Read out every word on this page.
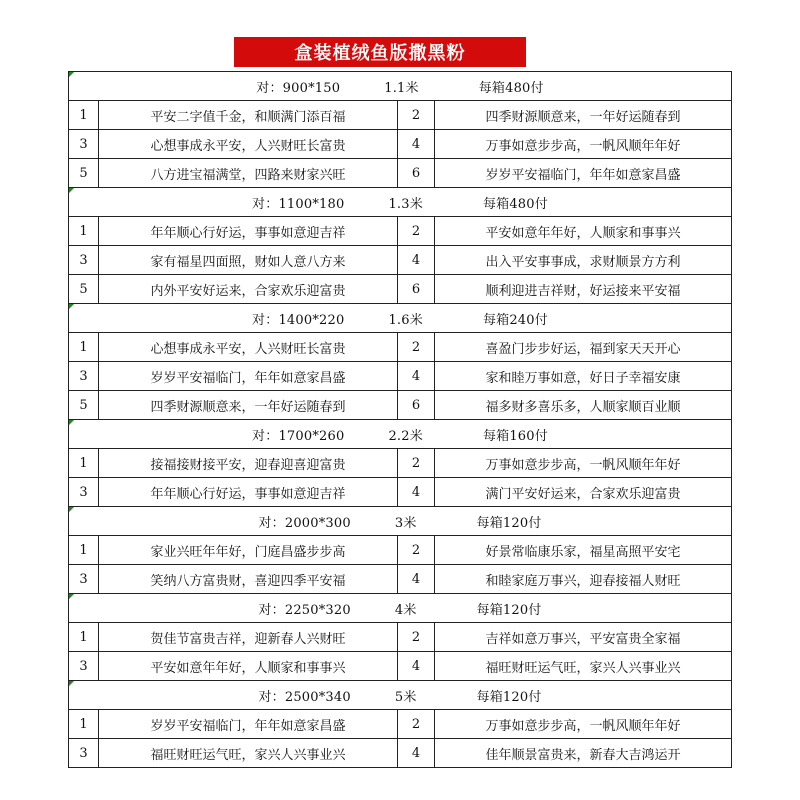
盒装植绒鱼版撒黑粉
对：900*150 1.1米 每箱480付			
1	平安二字值千金，和顺满门添百福	2	四季财源顺意来，一年好运随春到
3	心想事成永平安，人兴财旺长富贵	4	万事如意步步高，一帆风顺年年好
5	八方进宝福满堂，四路来财家兴旺	6	岁岁平安福临门，年年如意家昌盛

对：1100*180 1.3米 每箱480付			
1	年年顺心行好运，事事如意迎吉祥	2	平安如意年年好，人顺家和事事兴
3	家有福星四面照，财如人意八方来	4	出入平安事事成，求财顺景方方利
5	内外平安好运来，合家欢乐迎富贵	6	顺利迎进吉祥财，好运接来平安福

对：1400*220 1.6米 每箱240付			
1	心想事成永平安，人兴财旺长富贵	2	喜盈门步步好运，福到家天天开心
3	岁岁平安福临门，年年如意家昌盛	4	家和睦万事如意，好日子幸福安康
5	四季财源顺意来，一年好运随春到	6	福多财多喜乐多，人顺家顺百业顺

对：1700*260 2.2米 每箱160付			
1	接福接财接平安，迎春迎喜迎富贵	2	万事如意步步高，一帆风顺年年好
3	年年顺心行好运，事事如意迎吉祥	4	满门平安好运来，合家欢乐迎富贵

对：2000*300 3米 每箱120付			
1	家业兴旺年年好，门庭昌盛步步高	2	好景常临康乐家，福星高照平安宅
3	笑纳八方富贵财，喜迎四季平安福	4	和睦家庭万事兴，迎春接福人财旺

对：2250*320 4米 每箱120付			
1	贺佳节富贵吉祥，迎新春人兴财旺	2	吉祥如意万事兴，平安富贵全家福
3	平安如意年年好，人顺家和事事兴	4	福旺财旺运气旺，家兴人兴事业兴

对：2500*340 5米 每箱120付			
1	岁岁平安福临门，年年如意家昌盛	2	万事如意步步高，一帆风顺年年好
3	福旺财旺运气旺，家兴人兴事业兴	4	佳年顺景富贵来，新春大吉鸿运开
